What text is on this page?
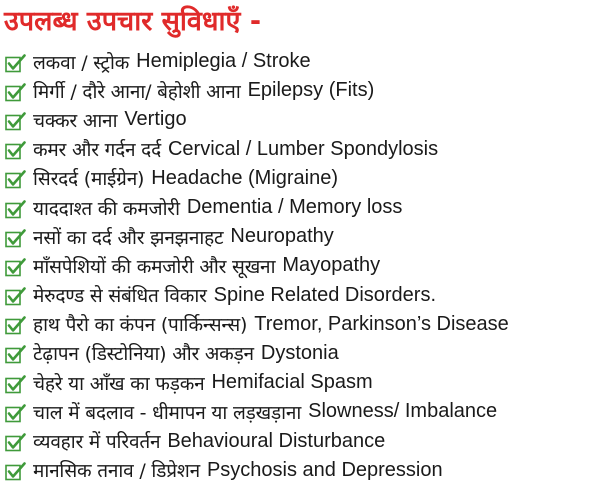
उपलब्ध उपचार सुविधाएँ -
लकवा / स्ट्रोक Hemiplegia / Stroke
मिर्गी / दौरे आना/ बेहोशी आना Epilepsy (Fits)
चक्कर आना Vertigo
कमर और गर्दन दर्द Cervical / Lumber Spondylosis
सिरदर्द (माईग्रेन) Headache (Migraine)
याददाश्त की कमजोरी Dementia / Memory loss
नसों का दर्द और झनझनाहट Neuropathy
माँसपेशियों की कमजोरी और सूखना Mayopathy
मेरुदण्ड से संबंधित विकार Spine Related Disorders.
हाथ पैरो का कंपन (पार्किन्सन्स) Tremor, Parkinson’s Disease
टेढ़ापन (डिस्टोनिया) और अकड़न Dystonia
चेहरे या आँख का फड़कन Hemifacial Spasm
चाल में बदलाव - धीमापन या लड़खड़ाना Slowness/ Imbalance
व्यवहार में परिवर्तन Behavioural Disturbance
मानसिक तनाव / डिप्रेशन Psychosis and Depression
